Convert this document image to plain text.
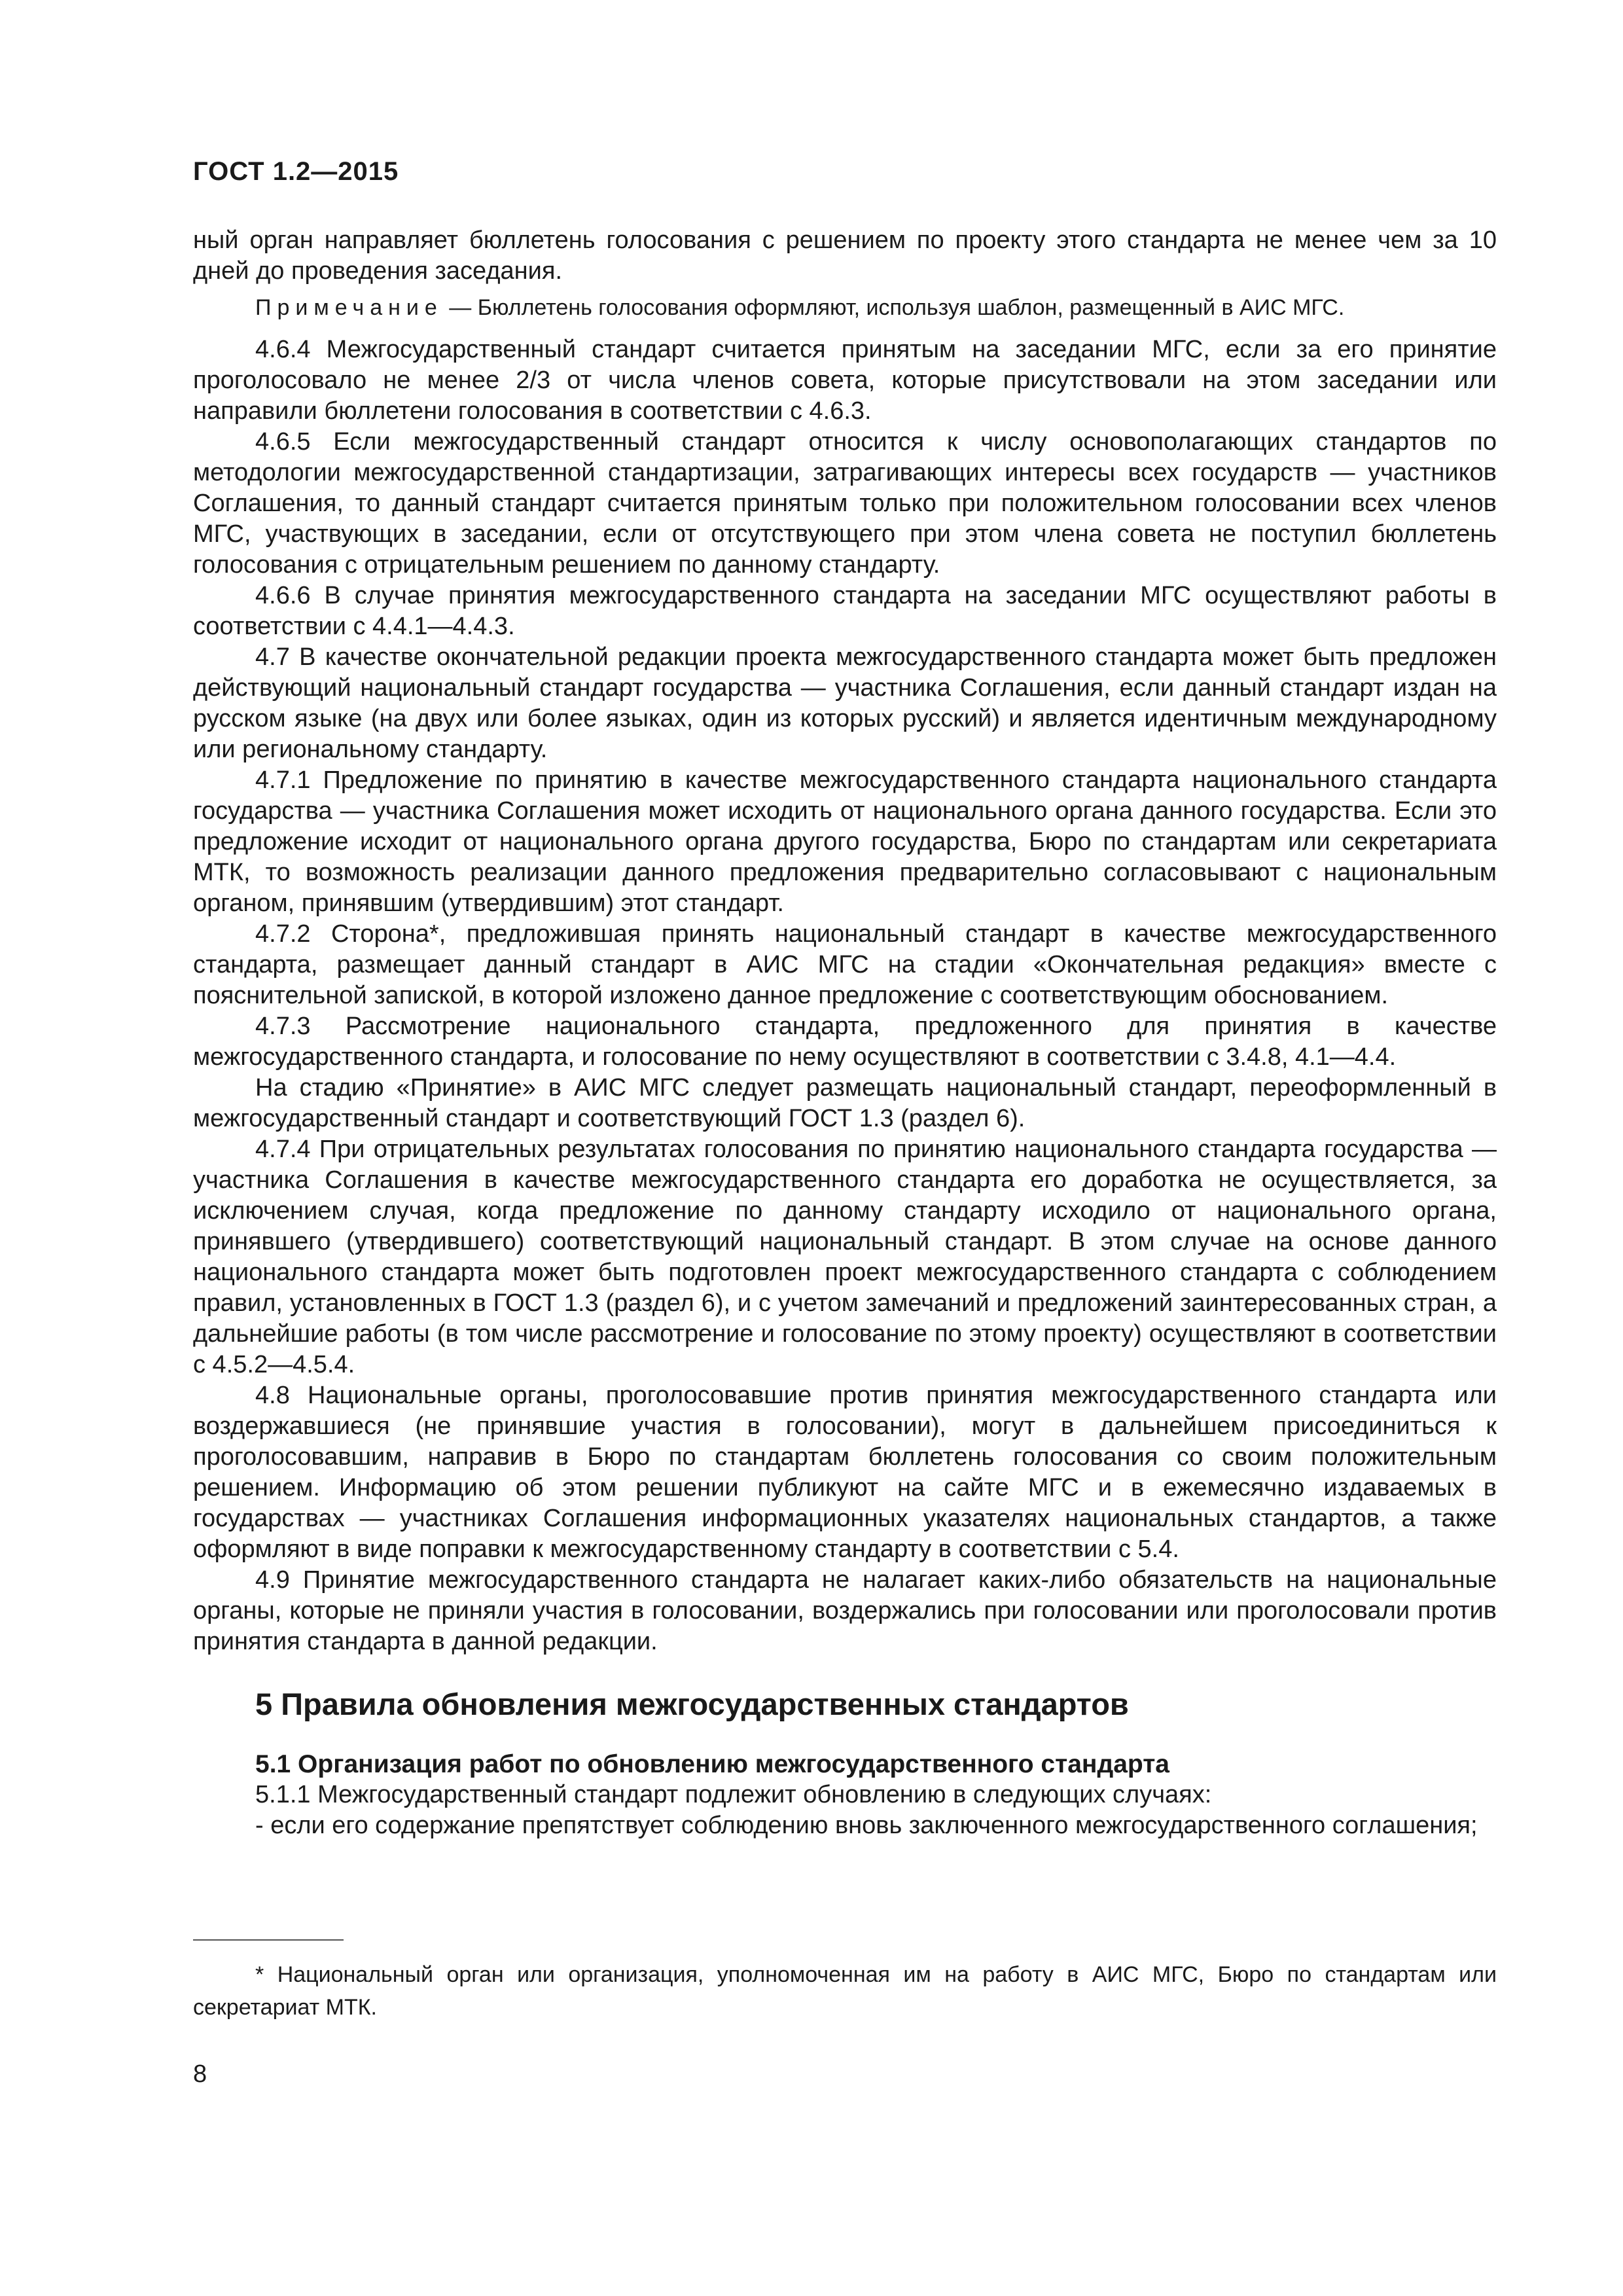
ГОСТ 1.2—2015

ный орган направляет бюллетень голосования с решением по проекту этого стандарта не менее чем за 10 дней до проведения заседания.

Примечание — Бюллетень голосования оформляют, используя шаблон, размещенный в АИС МГС.

4.6.4 Межгосударственный стандарт считается принятым на заседании МГС, если за его принятие проголосовало не менее 2/3 от числа членов совета, которые присутствовали на этом заседании или направили бюллетени голосования в соответствии с 4.6.3.

4.6.5 Если межгосударственный стандарт относится к числу основополагающих стандартов по методологии межгосударственной стандартизации, затрагивающих интересы всех государств — участников Соглашения, то данный стандарт считается принятым только при положительном голосовании всех членов МГС, участвующих в заседании, если от отсутствующего при этом члена совета не поступил бюллетень голосования с отрицательным решением по данному стандарту.

4.6.6 В случае принятия межгосударственного стандарта на заседании МГС осуществляют работы в соответствии с 4.4.1—4.4.3.

4.7 В качестве окончательной редакции проекта межгосударственного стандарта может быть предложен действующий национальный стандарт государства — участника Соглашения, если данный стандарт издан на русском языке (на двух или более языках, один из которых русский) и является идентичным международному или региональному стандарту.

4.7.1 Предложение по принятию в качестве межгосударственного стандарта национального стандарта государства — участника Соглашения может исходить от национального органа данного государства. Если это предложение исходит от национального органа другого государства, Бюро по стандартам или секретариата МТК, то возможность реализации данного предложения предварительно согласовывают с национальным органом, принявшим (утвердившим) этот стандарт.

4.7.2 Сторона*, предложившая принять национальный стандарт в качестве межгосударственного стандарта, размещает данный стандарт в АИС МГС на стадии «Окончательная редакция» вместе с пояснительной запиской, в которой изложено данное предложение с соответствующим обоснованием.

4.7.3 Рассмотрение национального стандарта, предложенного для принятия в качестве межгосударственного стандарта, и голосование по нему осуществляют в соответствии с 3.4.8, 4.1—4.4.

На стадию «Принятие» в АИС МГС следует размещать национальный стандарт, переоформленный в межгосударственный стандарт и соответствующий ГОСТ 1.3 (раздел 6).

4.7.4 При отрицательных результатах голосования по принятию национального стандарта государства — участника Соглашения в качестве межгосударственного стандарта его доработка не осуществляется, за исключением случая, когда предложение по данному стандарту исходило от национального органа, принявшего (утвердившего) соответствующий национальный стандарт. В этом случае на основе данного национального стандарта может быть подготовлен проект межгосударственного стандарта с соблюдением правил, установленных в ГОСТ 1.3 (раздел 6), и с учетом замечаний и предложений заинтересованных стран, а дальнейшие работы (в том числе рассмотрение и голосование по этому проекту) осуществляют в соответствии с 4.5.2—4.5.4.

4.8 Национальные органы, проголосовавшие против принятия межгосударственного стандарта или воздержавшиеся (не принявшие участия в голосовании), могут в дальнейшем присоединиться к проголосовавшим, направив в Бюро по стандартам бюллетень голосования со своим положительным решением. Информацию об этом решении публикуют на сайте МГС и в ежемесячно издаваемых в государствах — участниках Соглашения информационных указателях национальных стандартов, а также оформляют в виде поправки к межгосударственному стандарту в соответствии с 5.4.

4.9 Принятие межгосударственного стандарта не налагает каких-либо обязательств на национальные органы, которые не приняли участия в голосовании, воздержались при голосовании или проголосовали против принятия стандарта в данной редакции.

5 Правила обновления межгосударственных стандартов
5.1 Организация работ по обновлению межгосударственного стандарта

5.1.1 Межгосударственный стандарт подлежит обновлению в следующих случаях:

- если его содержание препятствует соблюдению вновь заключенного межгосударственного соглашения;

* Национальный орган или организация, уполномоченная им на работу в АИС МГС, Бюро по стандартам или секретариат МТК.
8
